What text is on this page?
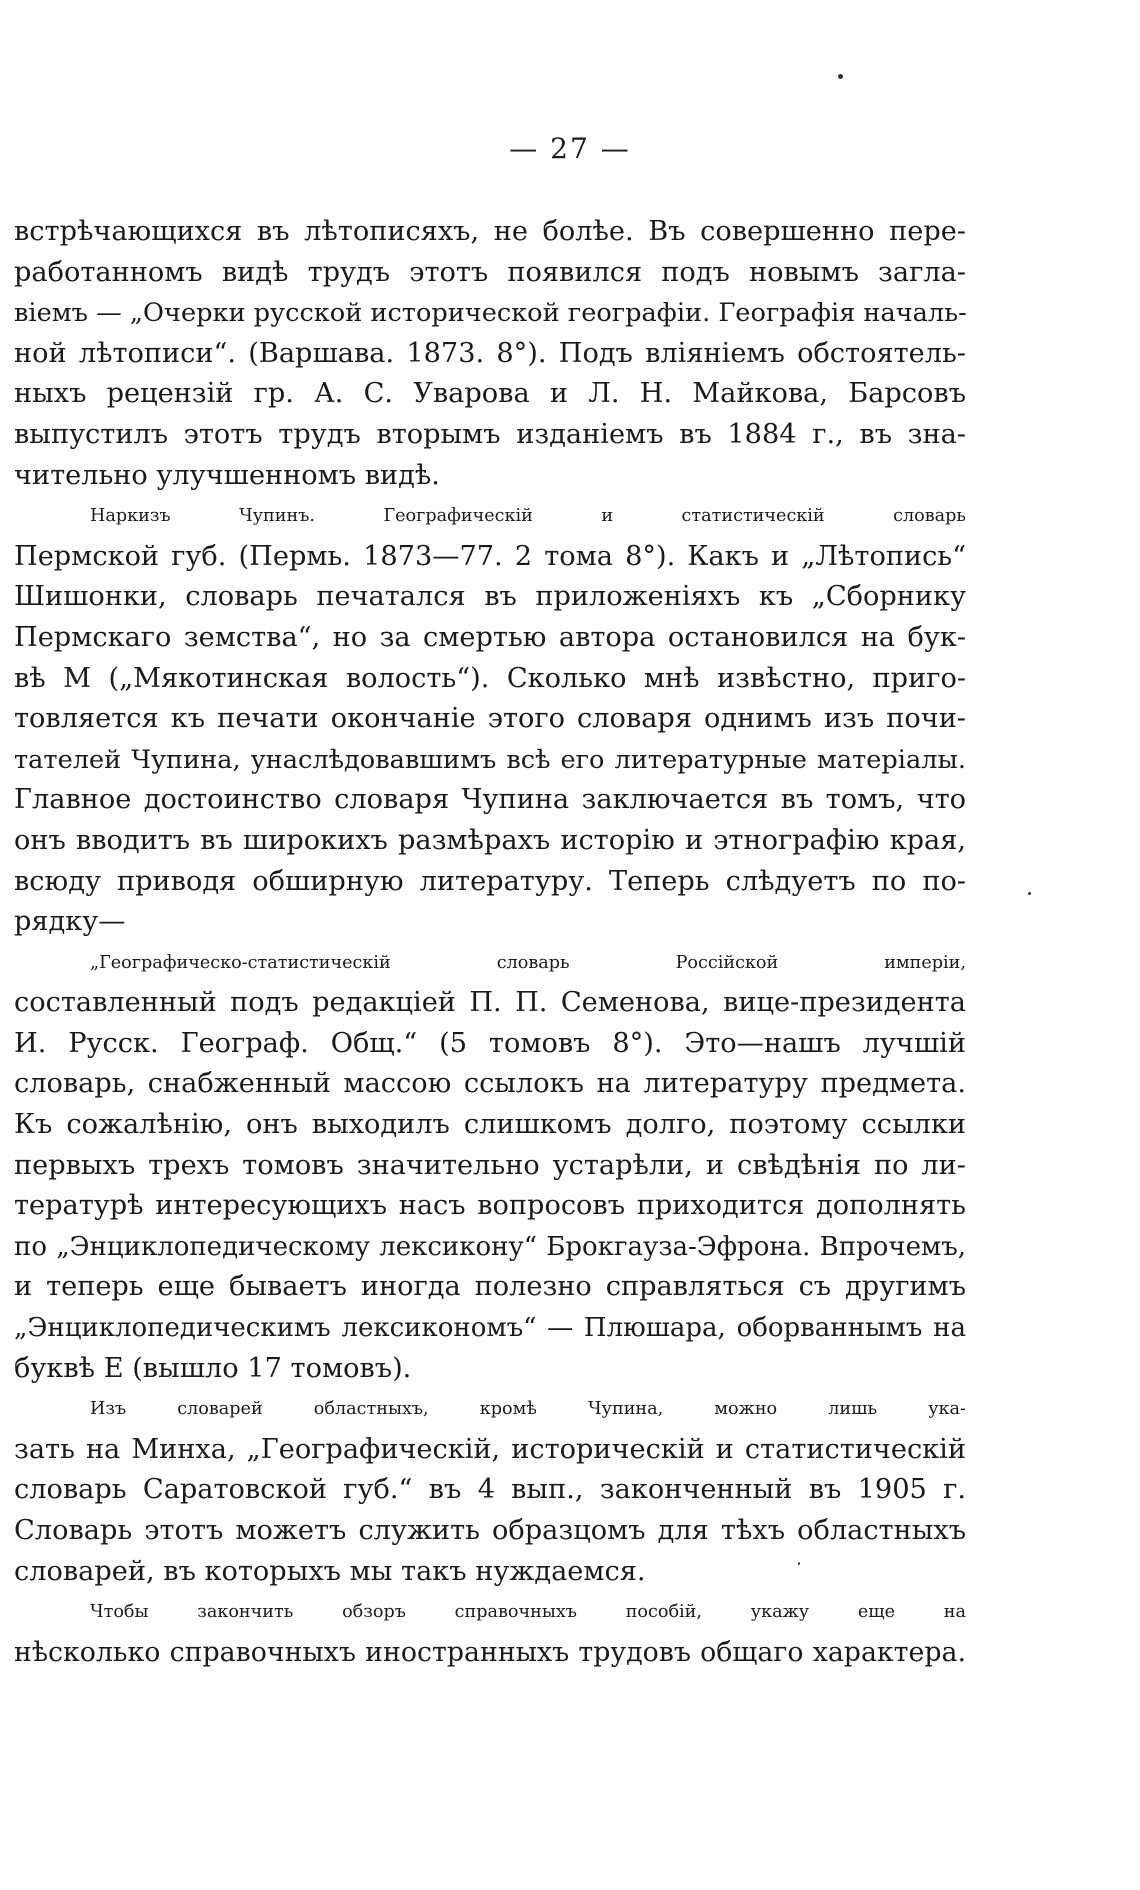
— 27 —
встрѣчающихся въ лѣтописяхъ, не болѣе. Въ совершенно пере-
работанномъ видѣ трудъ этотъ появился подъ новымъ загла-
віемъ — „Очерки русской исторической географіи. Географія началь-
ной лѣтописи“. (Варшава. 1873. 8°). Подъ вліяніемъ обстоятель-
ныхъ рецензій гр. А. С. Уварова и Л. Н. Майкова, Барсовъ
выпустилъ этотъ трудъ вторымъ изданіемъ въ 1884 г., въ зна-
чительно улучшенномъ видѣ.
Наркизъ Чупинъ. Географическій и статистическій словарь
Пермской губ. (Пермь. 1873—77. 2 тома 8°). Какъ и „Лѣтопись“
Шишонки, словарь печатался въ приложеніяхъ къ „Сборнику
Пермскаго земства“, но за смертью автора остановился на бук-
вѣ М („Мякотинская волость“). Сколько мнѣ извѣстно, приго-
товляется къ печати окончаніе этого словаря однимъ изъ почи-
тателей Чупина, унаслѣдовавшимъ всѣ его литературные матеріалы.
Главное достоинство словаря Чупина заключается въ томъ, что
онъ вводитъ въ широкихъ размѣрахъ исторію и этнографію края,
всюду приводя обширную литературу. Теперь слѣдуетъ по по-
рядку—
„Географическо-статистическій словарь Россійской имперіи,
составленный подъ редакціей П. П. Семенова, вице-президента
И. Русск. Географ. Общ.“ (5 томовъ 8°). Это—нашъ лучшій
словарь, снабженный массою ссылокъ на литературу предмета.
Къ сожалѣнію, онъ выходилъ слишкомъ долго, поэтому ссылки
первыхъ трехъ томовъ значительно устарѣли, и свѣдѣнія по ли-
тературѣ интересующихъ насъ вопросовъ приходится дополнять
по „Энциклопедическому лексикону“ Брокгауза-Эфрона. Впрочемъ,
и теперь еще бываетъ иногда полезно справляться съ другимъ
„Энциклопедическимъ лексикономъ“ — Плюшара, оборваннымъ на
буквѣ Е (вышло 17 томовъ).
Изъ словарей областныхъ, кромѣ Чупина, можно лишь ука-
зать на Минха, „Географическій, историческій и статистическій
словарь Саратовской губ.“ въ 4 вып., законченный въ 1905 г.
Словарь этотъ можетъ служить образцомъ для тѣхъ областныхъ
словарей, въ которыхъ мы такъ нуждаемся.
Чтобы закончить обзоръ справочныхъ пособій, укажу еще на
нѣсколько справочныхъ иностранныхъ трудовъ общаго характера.
